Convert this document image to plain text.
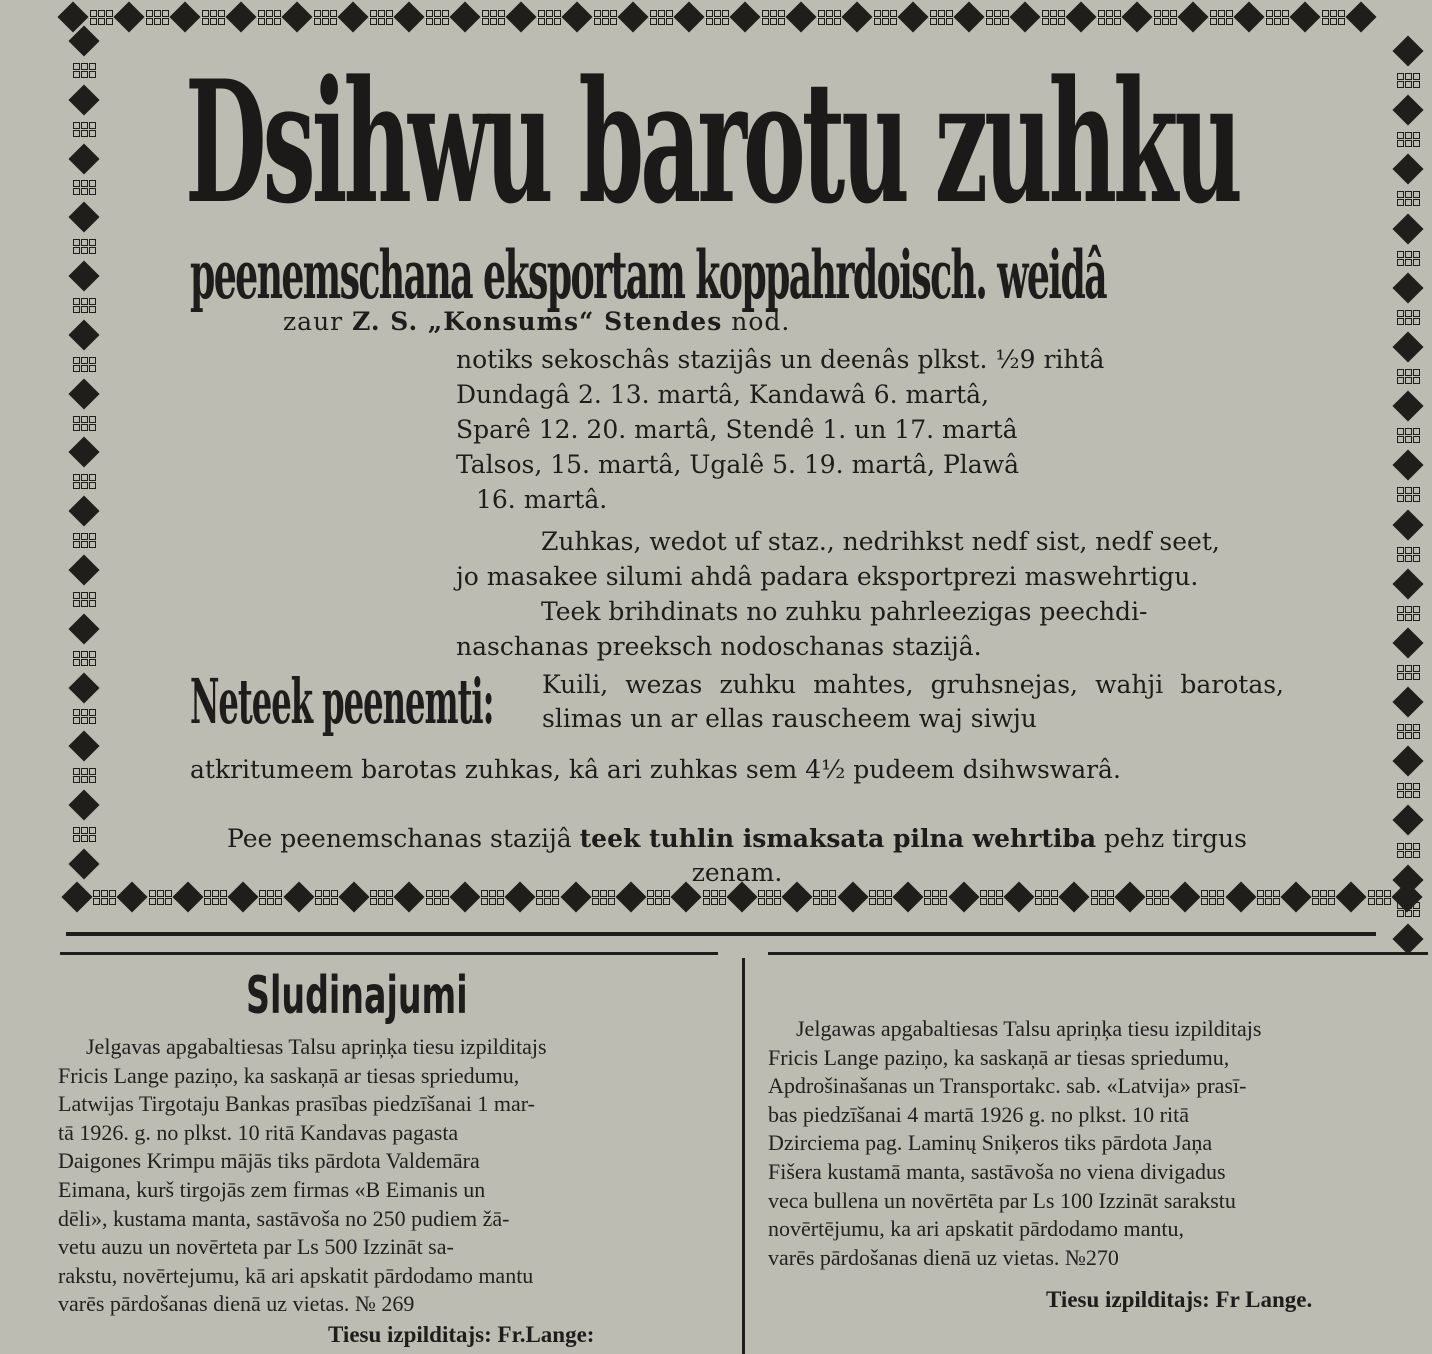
Dsihwu barotu zuhku
peenemschana eksportam koppahrdoisch. weidâ
zaur Z. S. „Konsums“ Stendes nod.

notiks sekoschâs stazijâs un deenâs plkst. ½9 rihtâ

Dundagâ 2. 13. martâ, Kandawâ 6. martâ,

Sparê 12. 20. martâ, Stendê 1. un 17. martâ

Talsos, 15. martâ, Ugalê 5. 19. martâ, Plawâ

16. martâ.

Zuhkas, wedot uf staz., nedrihkst nedf sist, nedf seet,

jo masakee silumi ahdâ padara eksportprezi maswehrtigu.

Teek brihdinats no zuhku pahrleezigas peechdi-

naschanas preeksch nodoschanas stazijâ.

Neteek peenemti: Kuili, wezas zuhku mahtes, gruhsnejas, wahji barotas, slimas un ar ellas rauscheem waj siwju
atkritumeem barotas zuhkas, kâ ari zuhkas sem 4½ pudeem dsihwswarâ.
Pee peenemschanas stazijâ teek tuhlin ismaksata pilna wehrtiba pehz tirgus zenam.
Sludinajumi

Jelgavas apgabaltiesas Talsu apriņķa tiesu izpilditajs

Fricis Lange paziņo, ka saskaņā ar tiesas spriedumu,

Latwijas Tirgotaju Bankas prasības piedzīšanai 1 mar-

tā 1926. g. no plkst. 10 ritā Kandavas pagasta

Daigones Krimpu mājās tiks pārdota Valdemāra

Eimana, kurš tirgojās zem firmas «B Eimanis un

dēli», kustama manta, sastāvoša no 250 pudiem žā-

vetu auzu un novērteta par Ls 500 Izzināt sa-

rakstu, novērtejumu, kā ari apskatit pārdodamo mantu

varēs pārdošanas dienā uz vietas. № 269

Tiesu izpilditajs: Fr.Lange:

Jelgawas apgabaltiesas Talsu apriņķa tiesu izpilditajs

Fricis Lange paziņo, ka saskaņā ar tiesas spriedumu,

Apdrošinašanas un Transportakc. sab. «Latvija» prasī-

bas piedzīšanai 4 martā 1926 g. no plkst. 10 ritā

Dzirciema pag. Laminų Sniķeros tiks pārdota Jaņa

Fišera kustamā manta, sastāvoša no viena divigadus

veca bullena un novērtēta par Ls 100 Izzināt sarakstu

novērtējumu, ka ari apskatit pārdodamo mantu,

varēs pārdošanas dienā uz vietas. №270

Tiesu izpilditajs: Fr Lange.
